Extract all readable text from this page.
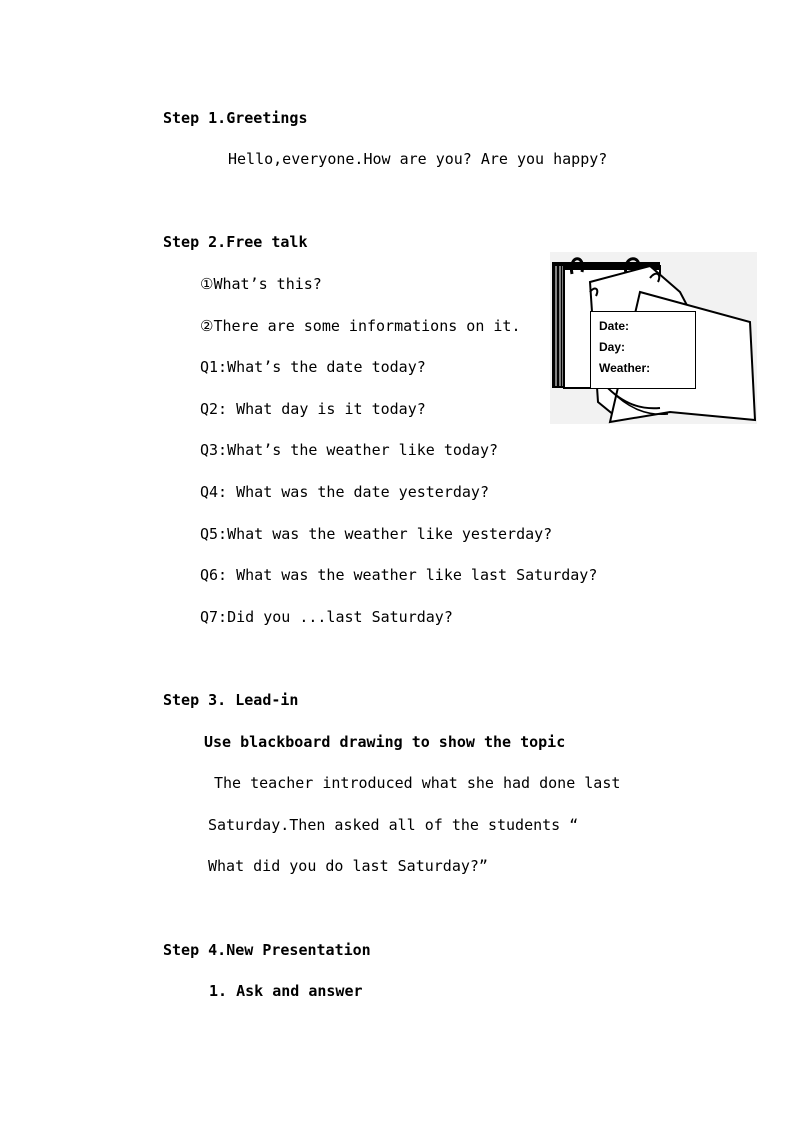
Step 1.Greetings
Hello,everyone.How are you? Are you happy?
Step 2.Free talk
①What’s this?
②There are some informations on it.
Q1:What’s the date today?
Q2: What day is it today?
Q3:What’s the weather like today?
Q4: What was the date yesterday?
Q5:What was the weather like yesterday?
Q6: What was the weather like last Saturday?
Q7:Did you ...last Saturday?
Date:
Day:
Weather:
Step 3. Lead-in
Use blackboard drawing to show the topic
The teacher introduced what she had done last
Saturday.Then asked all of the students “
What did you do last Saturday?”
Step 4.New Presentation
1. Ask and answer
